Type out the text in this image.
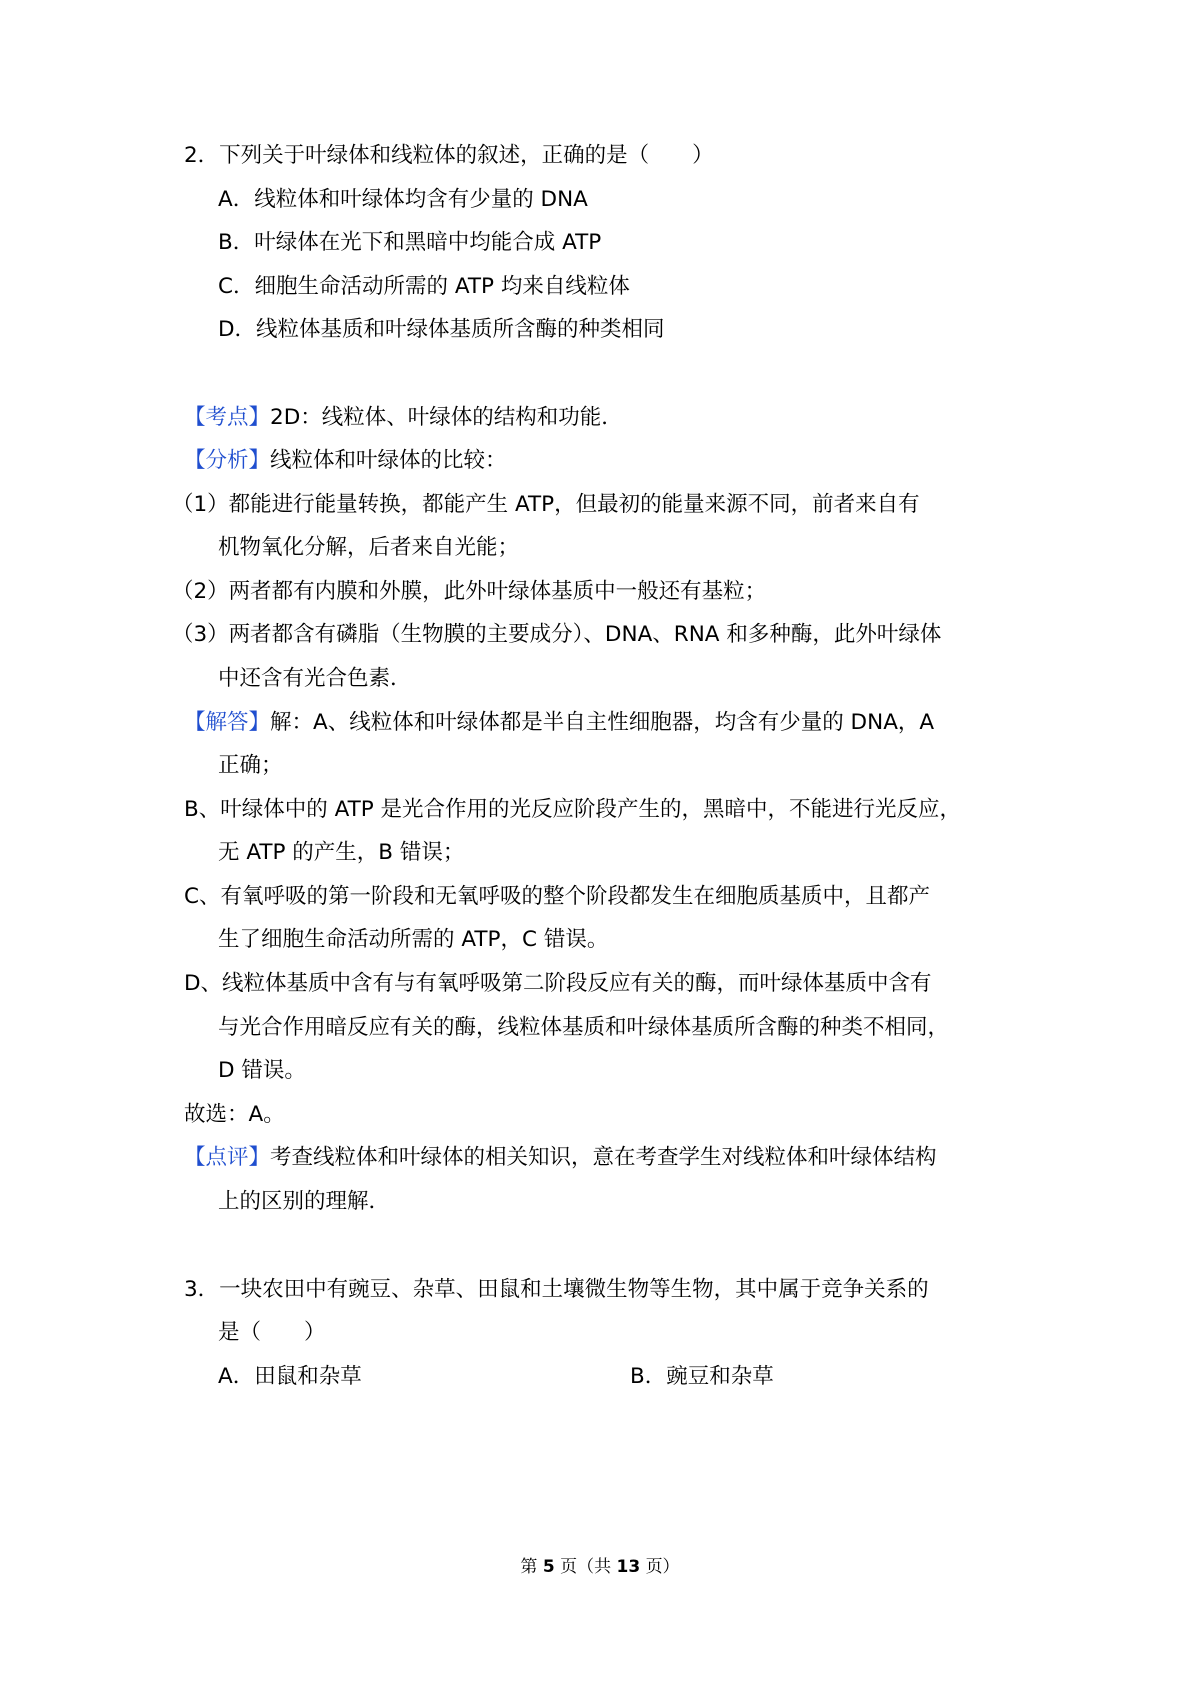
2．下列关于叶绿体和线粒体的叙述，正确的是（　　）
A．线粒体和叶绿体均含有少量的 DNA
B．叶绿体在光下和黑暗中均能合成 ATP
C．细胞生命活动所需的 ATP 均来自线粒体
D．线粒体基质和叶绿体基质所含酶的种类相同
【考点】2D：线粒体、叶绿体的结构和功能．
【分析】线粒体和叶绿体的比较：
（1）都能进行能量转换，都能产生 ATP，但最初的能量来源不同，前者来自有
机物氧化分解，后者来自光能；
（2）两者都有内膜和外膜，此外叶绿体基质中一般还有基粒；
（3）两者都含有磷脂（生物膜的主要成分）、DNA、RNA 和多种酶，此外叶绿体
中还含有光合色素．
【解答】解：A、线粒体和叶绿体都是半自主性细胞器，均含有少量的 DNA，A
正确；
B、叶绿体中的 ATP 是光合作用的光反应阶段产生的，黑暗中，不能进行光反应，
无 ATP 的产生，B 错误；
C、有氧呼吸的第一阶段和无氧呼吸的整个阶段都发生在细胞质基质中，且都产
生了细胞生命活动所需的 ATP，C 错误。
D、线粒体基质中含有与有氧呼吸第二阶段反应有关的酶，而叶绿体基质中含有
与光合作用暗反应有关的酶，线粒体基质和叶绿体基质所含酶的种类不相同，
D 错误。
故选：A。
【点评】考查线粒体和叶绿体的相关知识，意在考查学生对线粒体和叶绿体结构
上的区别的理解．
3．一块农田中有豌豆、杂草、田鼠和土壤微生物等生物，其中属于竞争关系的
是（　　）
A．田鼠和杂草	B．豌豆和杂草
第 5 页（共 13 页）
